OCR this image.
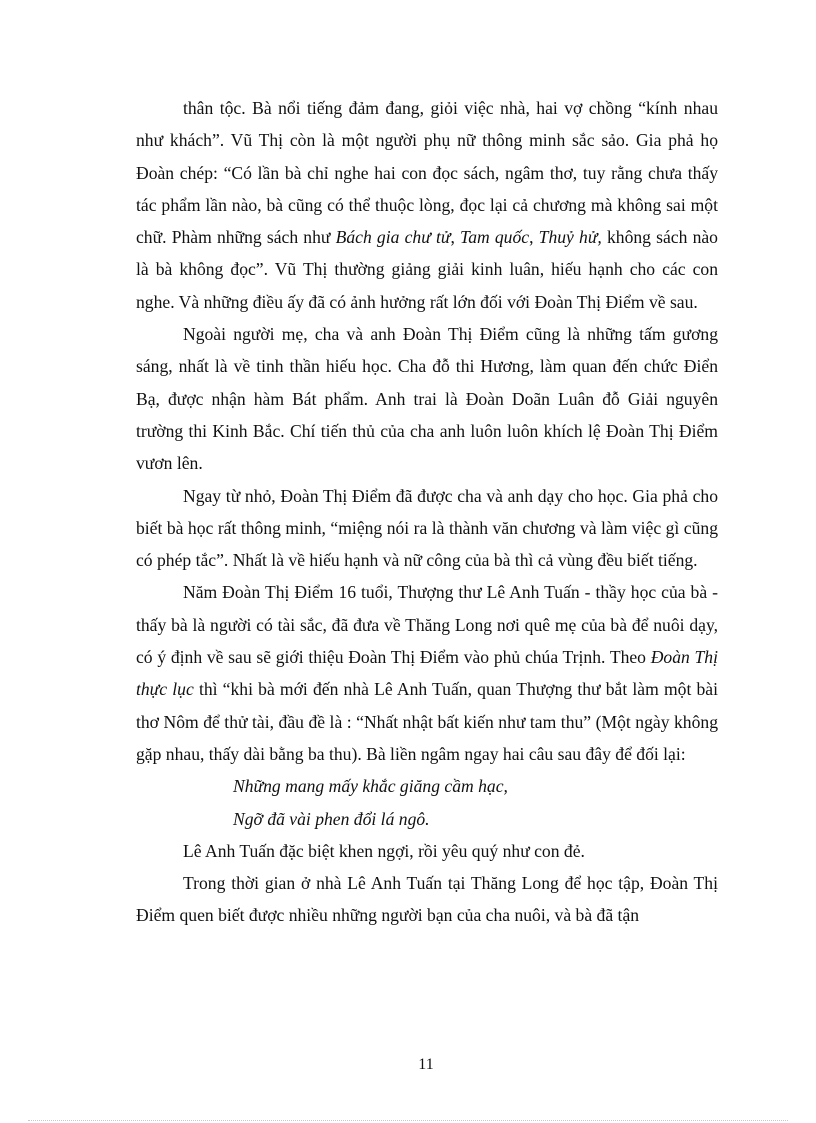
thân tộc. Bà nổi tiếng đảm đang, giỏi việc nhà, hai vợ chồng “kính nhau như khách”. Vũ Thị còn là một người phụ nữ thông minh sắc sảo. Gia phả họ Đoàn chép: “Có lần bà chỉ nghe hai con đọc sách, ngâm thơ, tuy rằng chưa thấy tác phẩm lần nào, bà cũng có thể thuộc lòng, đọc lại cả chương mà không sai một chữ. Phàm những sách như Bách gia chư tử, Tam quốc, Thuỷ hử, không sách nào là bà không đọc”. Vũ Thị thường giảng giải kinh luân, hiếu hạnh cho các con nghe. Và những điều ấy đã có ảnh hưởng rất lớn đối với Đoàn Thị Điểm về sau.

Ngoài người mẹ, cha và anh Đoàn Thị Điểm cũng là những tấm gương sáng, nhất là về tinh thần hiếu học. Cha đỗ thi Hương, làm quan đến chức Điển Bạ, được nhận hàm Bát phẩm. Anh trai là Đoàn Doãn Luân đỗ Giải nguyên trường thi Kinh Bắc. Chí tiến thủ của cha anh luôn luôn khích lệ Đoàn Thị Điểm vươn lên.

Ngay từ nhỏ, Đoàn Thị Điểm đã được cha và anh dạy cho học. Gia phả cho biết bà học rất thông minh, “miệng nói ra là thành văn chương và làm việc gì cũng có phép tắc”. Nhất là về hiếu hạnh và nữ công của bà thì cả vùng đều biết tiếng.

Năm Đoàn Thị Điểm 16 tuổi, Thượng thư Lê Anh Tuấn - thầy học của bà - thấy bà là người có tài sắc, đã đưa về Thăng Long nơi quê mẹ của bà để nuôi dạy, có ý định về sau sẽ giới thiệu Đoàn Thị Điểm vào phủ chúa Trịnh. Theo Đoàn Thị thực lục thì “khi bà mới đến nhà Lê Anh Tuấn, quan Thượng thư bắt làm một bài thơ Nôm để thử tài, đầu đề là : “Nhất nhật bất kiến như tam thu” (Một ngày không gặp nhau, thấy dài bằng ba thu). Bà liền ngâm ngay hai câu sau đây để đối lại:

Những mang mấy khắc giăng cầm hạc,

Ngỡ đã vài phen đổi lá ngô.

Lê Anh Tuấn đặc biệt khen ngợi, rồi yêu quý như con đẻ.

Trong thời gian ở nhà Lê Anh Tuấn tại Thăng Long để học tập, Đoàn Thị Điểm quen biết được nhiều những người bạn của cha nuôi, và bà đã tận

11
